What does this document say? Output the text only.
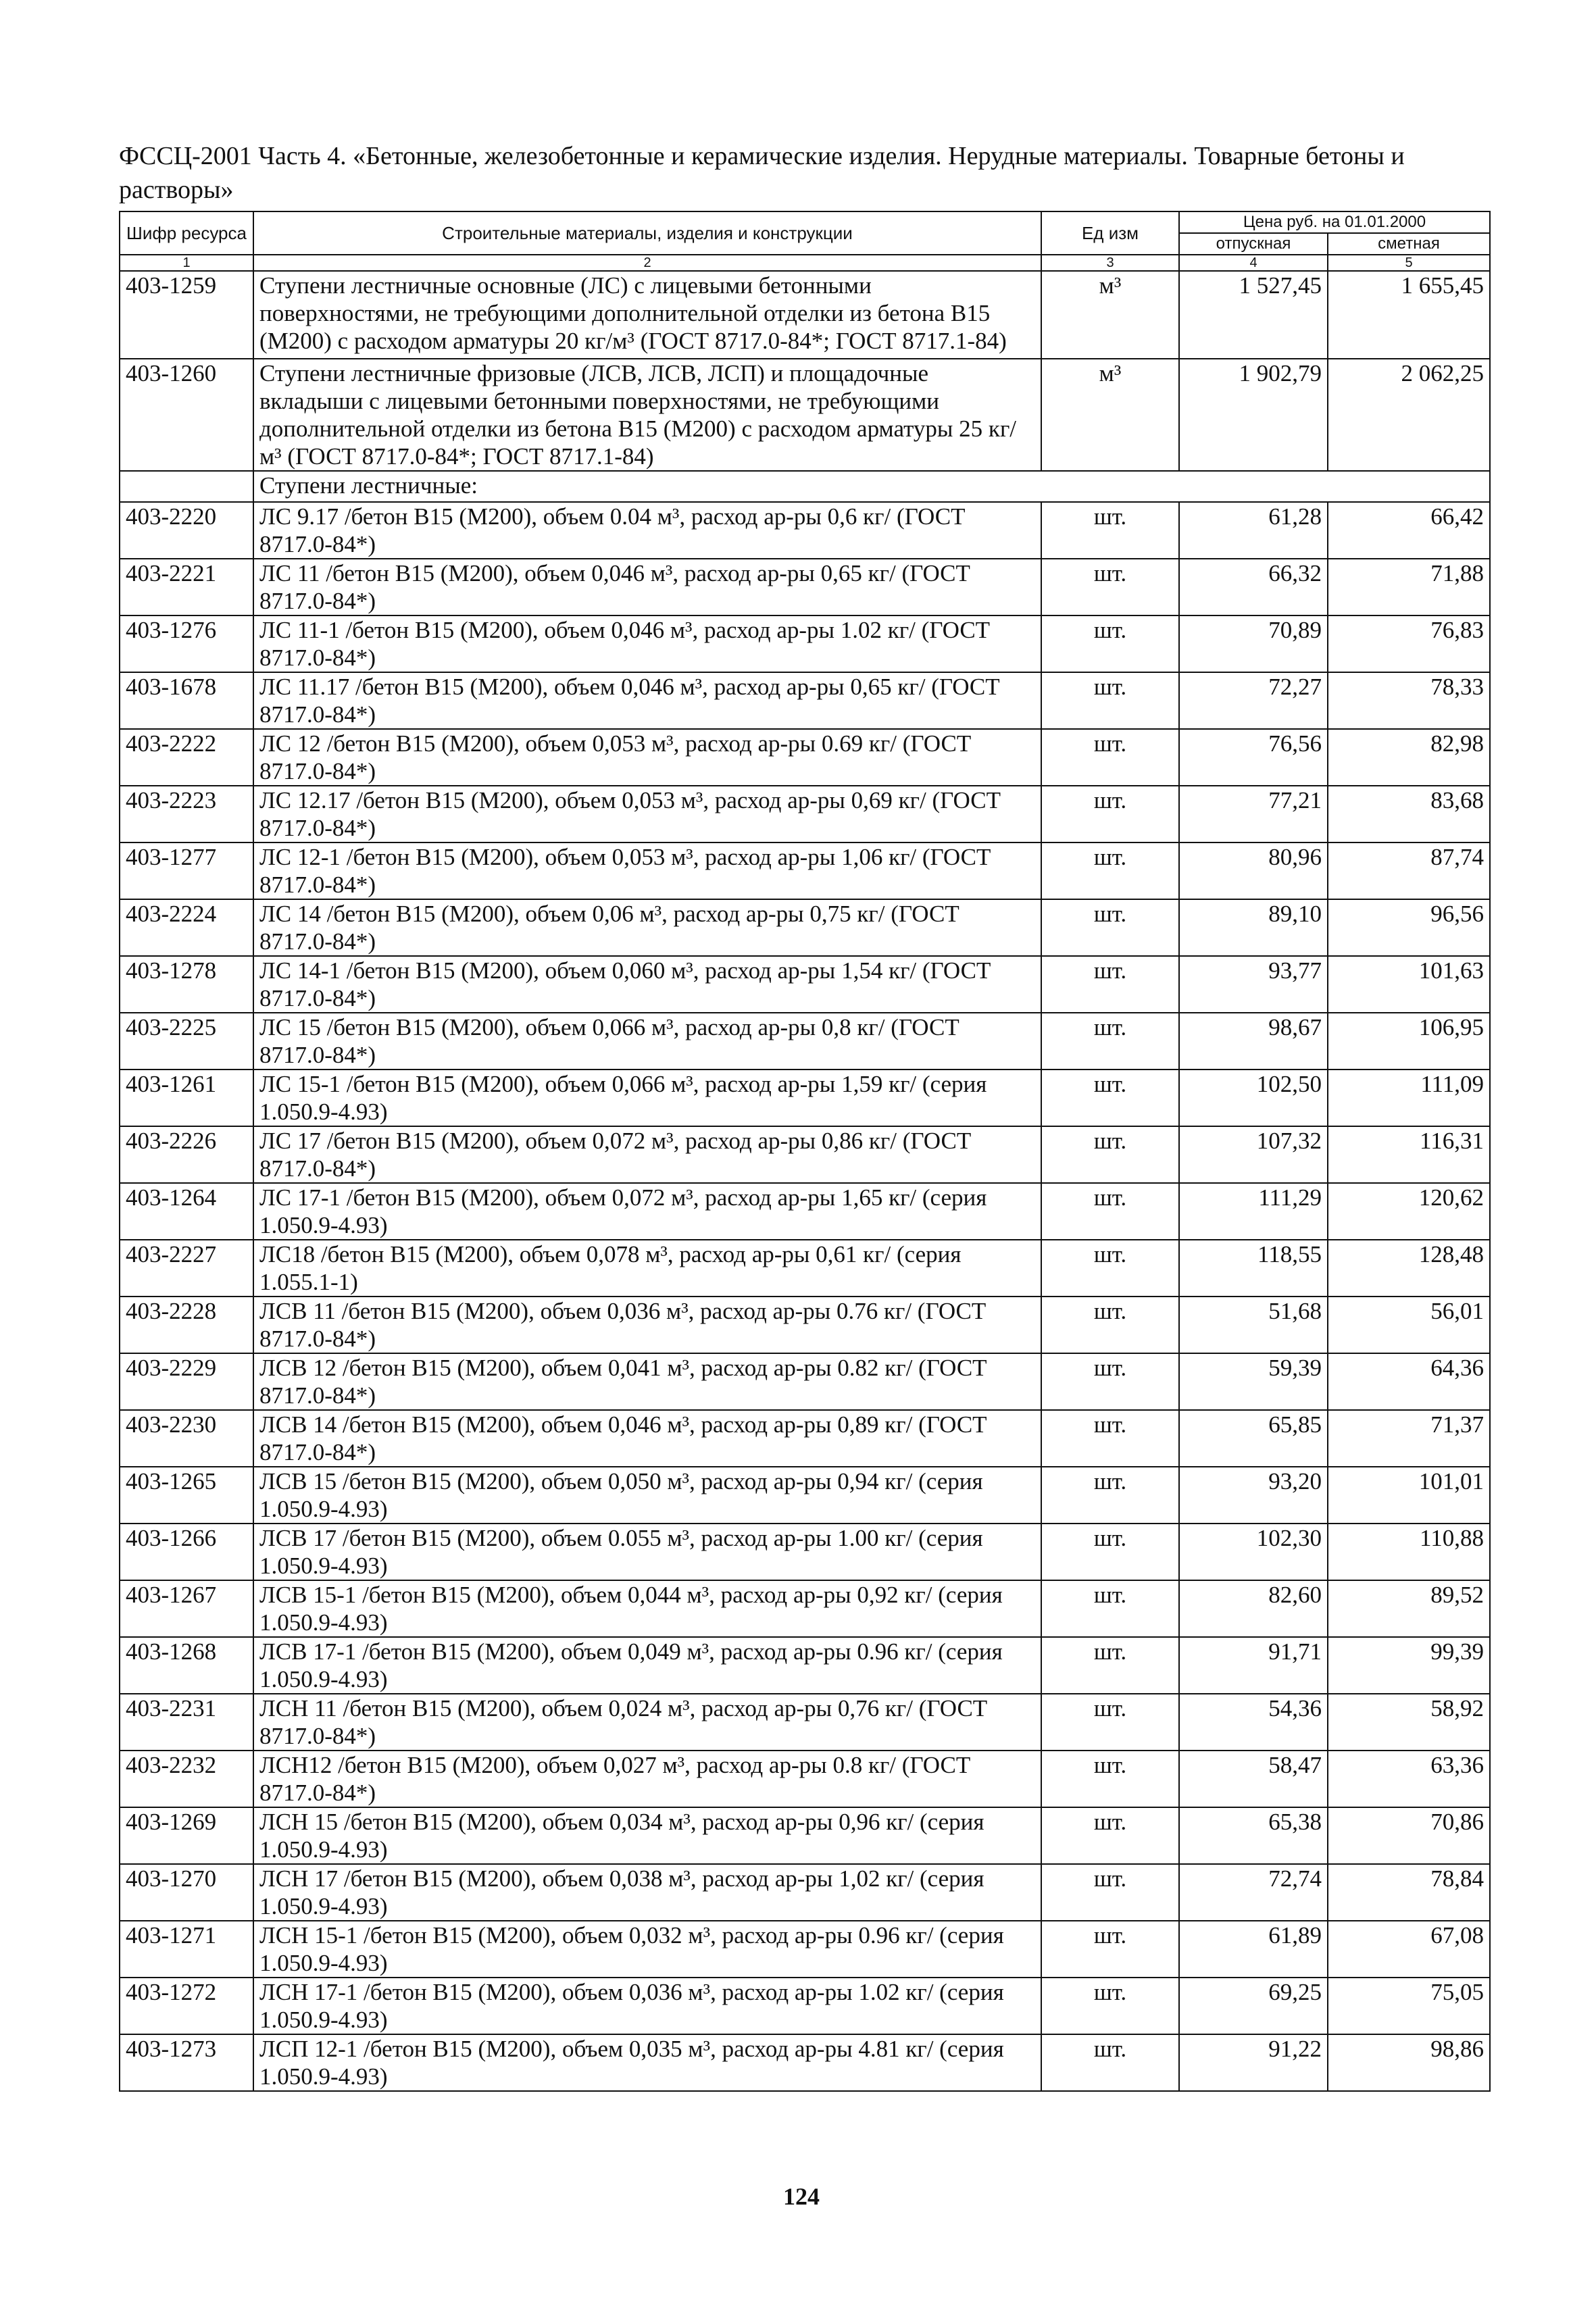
ФССЦ-2001 Часть 4. «Бетонные, железобетонные и керамические изделия. Нерудные материалы. Товарные бетоны и растворы»
Шифр ресурса	Строительные материалы, изделия и конструкции	Ед изм	Цена руб. на 01.01.2000	
			отпускная	сметная
1	2	3	4	5
403-1259	Ступени лестничные основные (ЛС) с лицевыми бетонными поверхностями, не требующими дополнительной отделки из бетона В15 (М200) с расходом арматуры 20 кг/м³ (ГОСТ 8717.0-84*; ГОСТ 8717.1-84)	м³	1 527,45	1 655,45
403-1260	Ступени лестничные фризовые (ЛСВ, ЛСВ, ЛСП) и площадочные вкладыши с лицевыми бетонными поверхностями, не требующими дополнительной отделки из бетона В15 (М200) с расходом арматуры 25 кг/м³ (ГОСТ 8717.0-84*; ГОСТ 8717.1-84)	м³	1 902,79	2 062,25
	Ступени лестничные:			
403-2220	ЛС 9.17 /бетон В15 (М200), объем 0.04 м³, расход ар-ры 0,6 кг/ (ГОСТ 8717.0-84*)	шт.	61,28	66,42
403-2221	ЛС 11 /бетон В15 (М200), объем 0,046 м³, расход ар-ры 0,65 кг/ (ГОСТ 8717.0-84*)	шт.	66,32	71,88
403-1276	ЛС 11-1 /бетон В15 (М200), объем 0,046 м³, расход ар-ры 1.02 кг/ (ГОСТ 8717.0-84*)	шт.	70,89	76,83
403-1678	ЛС 11.17 /бетон В15 (М200), объем 0,046 м³, расход ар-ры 0,65 кг/ (ГОСТ 8717.0-84*)	шт.	72,27	78,33
403-2222	ЛС 12 /бетон В15 (М200), объем 0,053 м³, расход ар-ры 0.69 кг/ (ГОСТ 8717.0-84*)	шт.	76,56	82,98
403-2223	ЛС 12.17 /бетон В15 (М200), объем 0,053 м³, расход ар-ры 0,69 кг/ (ГОСТ 8717.0-84*)	шт.	77,21	83,68
403-1277	ЛС 12-1 /бетон В15 (М200), объем 0,053 м³, расход ар-ры 1,06 кг/ (ГОСТ 8717.0-84*)	шт.	80,96	87,74
403-2224	ЛС 14 /бетон В15 (М200), объем 0,06 м³, расход ар-ры 0,75 кг/ (ГОСТ 8717.0-84*)	шт.	89,10	96,56
403-1278	ЛС 14-1 /бетон В15 (М200), объем 0,060 м³, расход ар-ры 1,54 кг/ (ГОСТ 8717.0-84*)	шт.	93,77	101,63
403-2225	ЛС 15 /бетон В15 (М200), объем 0,066 м³, расход ар-ры 0,8 кг/ (ГОСТ 8717.0-84*)	шт.	98,67	106,95
403-1261	ЛС 15-1 /бетон В15 (М200), объем 0,066 м³, расход ар-ры 1,59 кг/ (серия 1.050.9-4.93)	шт.	102,50	111,09
403-2226	ЛС 17 /бетон В15 (М200), объем 0,072 м³, расход ар-ры 0,86 кг/ (ГОСТ 8717.0-84*)	шт.	107,32	116,31
403-1264	ЛС 17-1 /бетон В15 (М200), объем 0,072 м³, расход ар-ры 1,65 кг/ (серия 1.050.9-4.93)	шт.	111,29	120,62
403-2227	ЛС18 /бетон В15 (М200), объем 0,078 м³, расход ар-ры 0,61 кг/ (серия 1.055.1-1)	шт.	118,55	128,48
403-2228	ЛСВ 11 /бетон В15 (М200), объем 0,036 м³, расход ар-ры 0.76 кг/ (ГОСТ 8717.0-84*)	шт.	51,68	56,01
403-2229	ЛСВ 12 /бетон В15 (М200), объем 0,041 м³, расход ар-ры 0.82 кг/ (ГОСТ 8717.0-84*)	шт.	59,39	64,36
403-2230	ЛСВ 14 /бетон В15 (М200), объем 0,046 м³, расход ар-ры 0,89 кг/ (ГОСТ 8717.0-84*)	шт.	65,85	71,37
403-1265	ЛСВ 15 /бетон В15 (М200), объем 0,050 м³, расход ар-ры 0,94 кг/ (серия 1.050.9-4.93)	шт.	93,20	101,01
403-1266	ЛСВ 17 /бетон В15 (М200), объем 0.055 м³, расход ар-ры 1.00 кг/ (серия 1.050.9-4.93)	шт.	102,30	110,88
403-1267	ЛСВ 15-1 /бетон В15 (М200), объем 0,044 м³, расход ар-ры 0,92 кг/ (серия 1.050.9-4.93)	шт.	82,60	89,52
403-1268	ЛСВ 17-1 /бетон В15 (М200), объем 0,049 м³, расход ар-ры 0.96 кг/ (серия 1.050.9-4.93)	шт.	91,71	99,39
403-2231	ЛСН 11 /бетон В15 (М200), объем 0,024 м³, расход ар-ры 0,76 кг/ (ГОСТ 8717.0-84*)	шт.	54,36	58,92
403-2232	ЛСН12 /бетон В15 (М200), объем 0,027 м³, расход ар-ры 0.8 кг/ (ГОСТ 8717.0-84*)	шт.	58,47	63,36
403-1269	ЛСН 15 /бетон В15 (М200), объем 0,034 м³, расход ар-ры 0,96 кг/ (серия 1.050.9-4.93)	шт.	65,38	70,86
403-1270	ЛСН 17 /бетон В15 (М200), объем 0,038 м³, расход ар-ры 1,02 кг/ (серия 1.050.9-4.93)	шт.	72,74	78,84
403-1271	ЛСН 15-1 /бетон В15 (М200), объем 0,032 м³, расход ар-ры 0.96 кг/ (серия 1.050.9-4.93)	шт.	61,89	67,08
403-1272	ЛСН 17-1 /бетон В15 (М200), объем 0,036 м³, расход ар-ры 1.02 кг/ (серия 1.050.9-4.93)	шт.	69,25	75,05
403-1273	ЛСП 12-1 /бетон В15 (М200), объем 0,035 м³, расход ар-ры 4.81 кг/ (серия 1.050.9-4.93)	шт.	91,22	98,86
124
